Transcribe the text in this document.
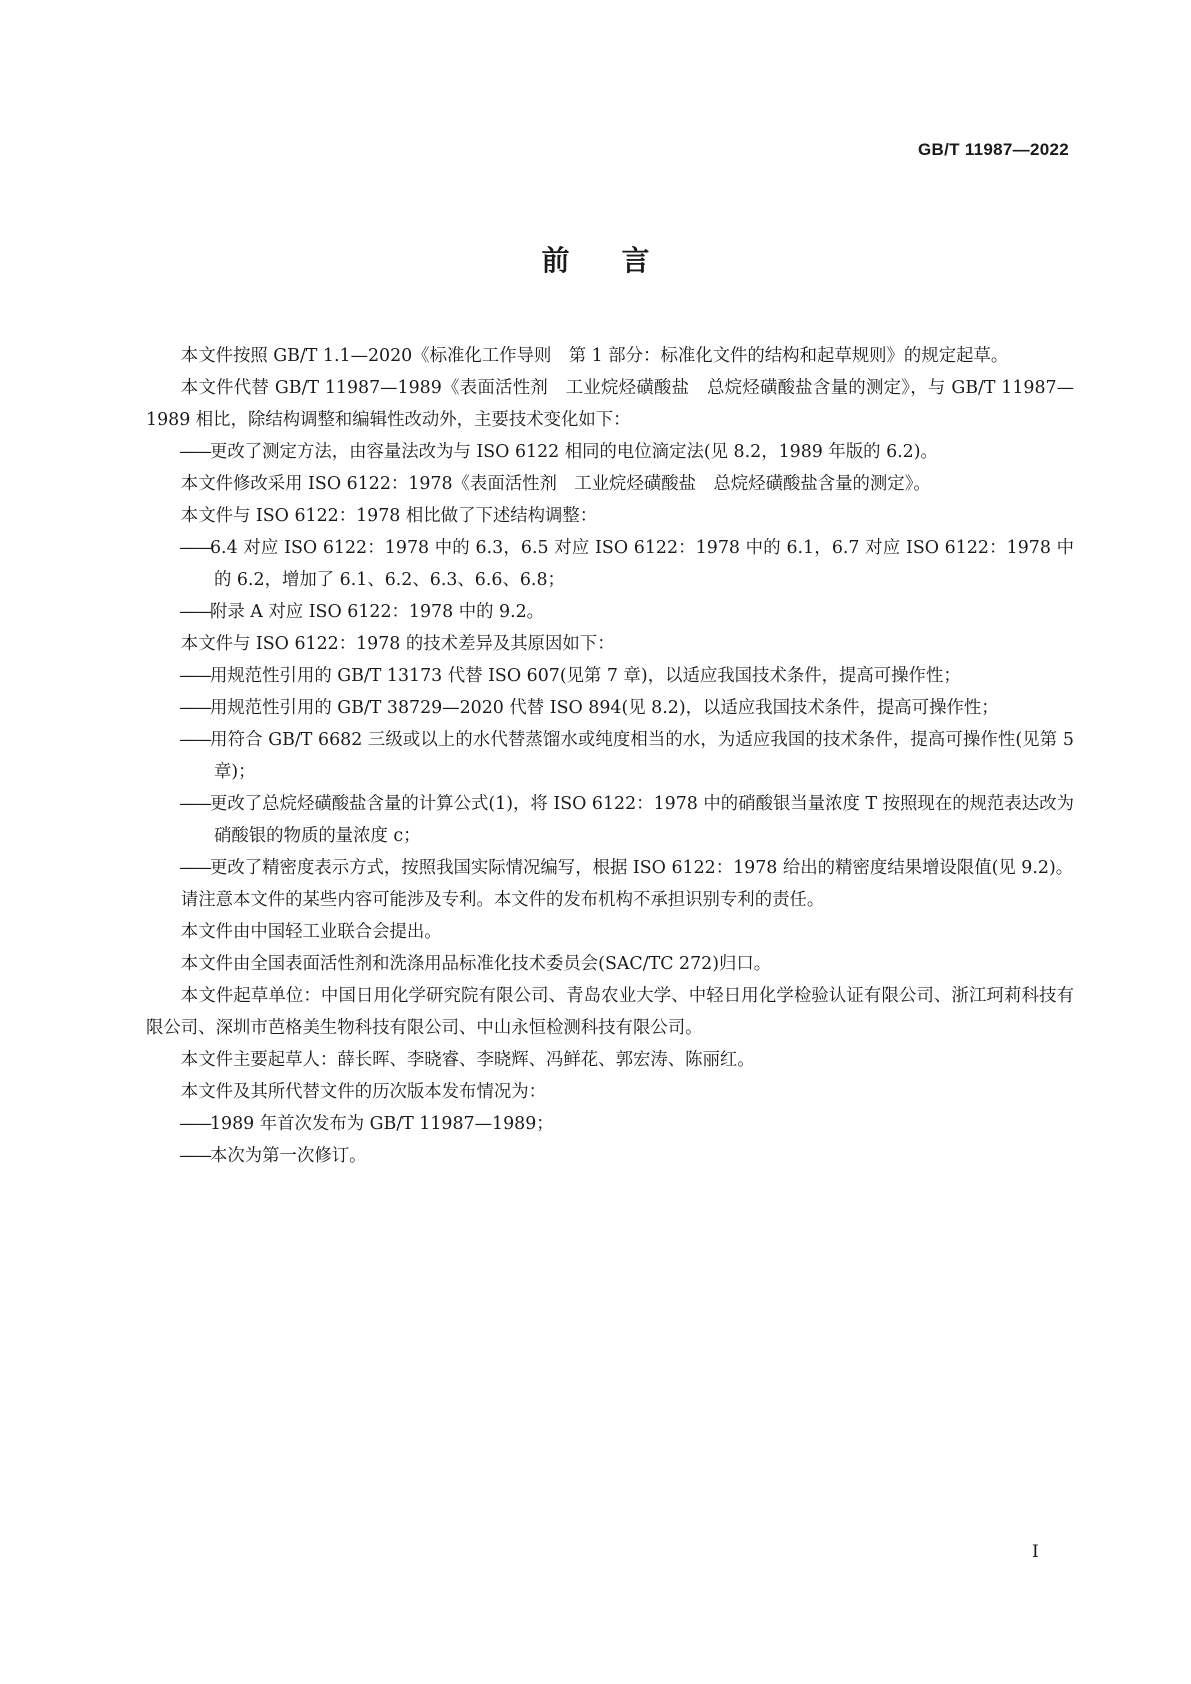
GB/T 11987—2022
前言

本文件按照 GB/T 1.1—2020《标准化工作导则　第 1 部分：标准化文件的结构和起草规则》的规定起草。

本文件代替 GB/T 11987—1989《表面活性剂　工业烷烃磺酸盐　总烷烃磺酸盐含量的测定》，与 GB/T 11987—1989 相比，除结构调整和编辑性改动外，主要技术变化如下：

——更改了测定方法，由容量法改为与 ISO 6122 相同的电位滴定法(见 8.2，1989 年版的 6.2)。

本文件修改采用 ISO 6122：1978《表面活性剂　工业烷烃磺酸盐　总烷烃磺酸盐含量的测定》。

本文件与 ISO 6122：1978 相比做了下述结构调整：

——6.4 对应 ISO 6122：1978 中的 6.3，6.5 对应 ISO 6122：1978 中的 6.1，6.7 对应 ISO 6122：1978 中的 6.2，增加了 6.1、6.2、6.3、6.6、6.8；

——附录 A 对应 ISO 6122：1978 中的 9.2。

本文件与 ISO 6122：1978 的技术差异及其原因如下：

——用规范性引用的 GB/T 13173 代替 ISO 607(见第 7 章)，以适应我国技术条件，提高可操作性；

——用规范性引用的 GB/T 38729—2020 代替 ISO 894(见 8.2)，以适应我国技术条件，提高可操作性；

——用符合 GB/T 6682 三级或以上的水代替蒸馏水或纯度相当的水，为适应我国的技术条件，提高可操作性(见第 5 章)；

——更改了总烷烃磺酸盐含量的计算公式(1)，将 ISO 6122：1978 中的硝酸银当量浓度 T 按照现在的规范表达改为硝酸银的物质的量浓度 c；

——更改了精密度表示方式，按照我国实际情况编写，根据 ISO 6122：1978 给出的精密度结果增设限值(见 9.2)。

请注意本文件的某些内容可能涉及专利。本文件的发布机构不承担识别专利的责任。

本文件由中国轻工业联合会提出。

本文件由全国表面活性剂和洗涤用品标准化技术委员会(SAC/TC 272)归口。

本文件起草单位：中国日用化学研究院有限公司、青岛农业大学、中轻日用化学检验认证有限公司、浙江珂莉科技有限公司、深圳市芭格美生物科技有限公司、中山永恒检测科技有限公司。

本文件主要起草人：薛长晖、李晓睿、李晓辉、冯鲜花、郭宏涛、陈丽红。

本文件及其所代替文件的历次版本发布情况为：

——1989 年首次发布为 GB/T 11987—1989；

——本次为第一次修订。

I
